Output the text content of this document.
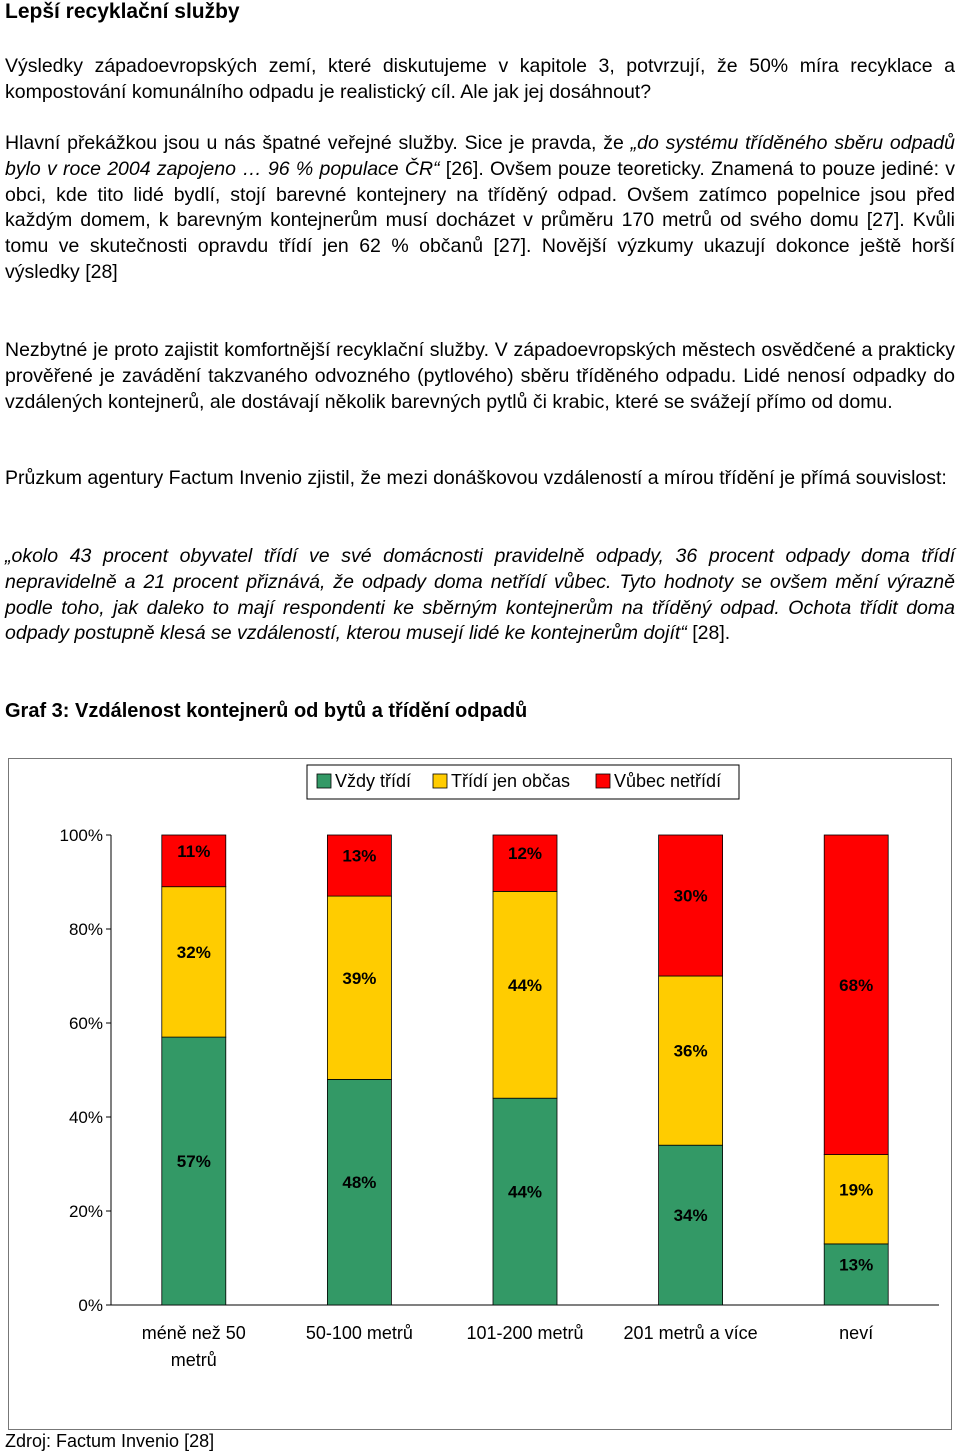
Lepší recyklační služby
Výsledky západoevropských zemí, které diskutujeme v kapitole 3, potvrzují, že 50% míra recyklace a kompostování komunálního odpadu je realistický cíl. Ale jak jej dosáhnout?
Hlavní překážkou jsou u nás špatné veřejné služby. Sice je pravda, že „do systému tříděného sběru odpadů bylo v roce 2004 zapojeno … 96 % populace ČR“ [26]. Ovšem pouze teoreticky. Znamená to pouze jediné: v obci, kde tito lidé bydlí, stojí barevné kontejnery na tříděný odpad. Ovšem zatímco popelnice jsou před každým domem, k barevným kontejnerům musí docházet v průměru 170 metrů od svého domu [27]. Kvůli tomu ve skutečnosti opravdu třídí jen 62 % občanů [27]. Novější výzkumy ukazují dokonce ještě horší výsledky [28]
Nezbytné je proto zajistit komfortnější recyklační služby. V západoevropských městech osvědčené a prakticky prověřené je zavádění takzvaného odvozného (pytlového) sběru tříděného odpadu. Lidé nenosí odpadky do vzdálených kontejnerů, ale dostávají několik barevných pytlů či krabic, které se svážejí přímo od domu.
Průzkum agentury Factum Invenio zjistil, že mezi donáškovou vzdáleností a mírou třídění je přímá souvislost:
„okolo 43 procent obyvatel třídí ve své domácnosti pravidelně odpady, 36 procent odpady doma třídí nepravidelně a 21 procent přiznává, že odpady doma netřídí vůbec. Tyto hodnoty se ovšem mění výrazně podle toho, jak daleko to mají respondenti ke sběrným kontejnerům na tříděný odpad. Ochota třídit doma odpady postupně klesá se vzdáleností, kterou musejí lidé ke kontejnerům dojít“ [28].
Graf 3: Vzdálenost kontejnerů od bytů a třídění odpadů
Vždy třídí Třídí jen občas Vůbec netřídí
0%
20%
40%
60%
80%
100%
57%
32%
11%
48%
39%
13%
44%
44%
12%
34%
36%
30%
13%
19%
68%
méně než 50
metrů
50-100 metrů	101-200 metrů 201 metrů a více	neví
Zdroj: Factum Invenio [28]
